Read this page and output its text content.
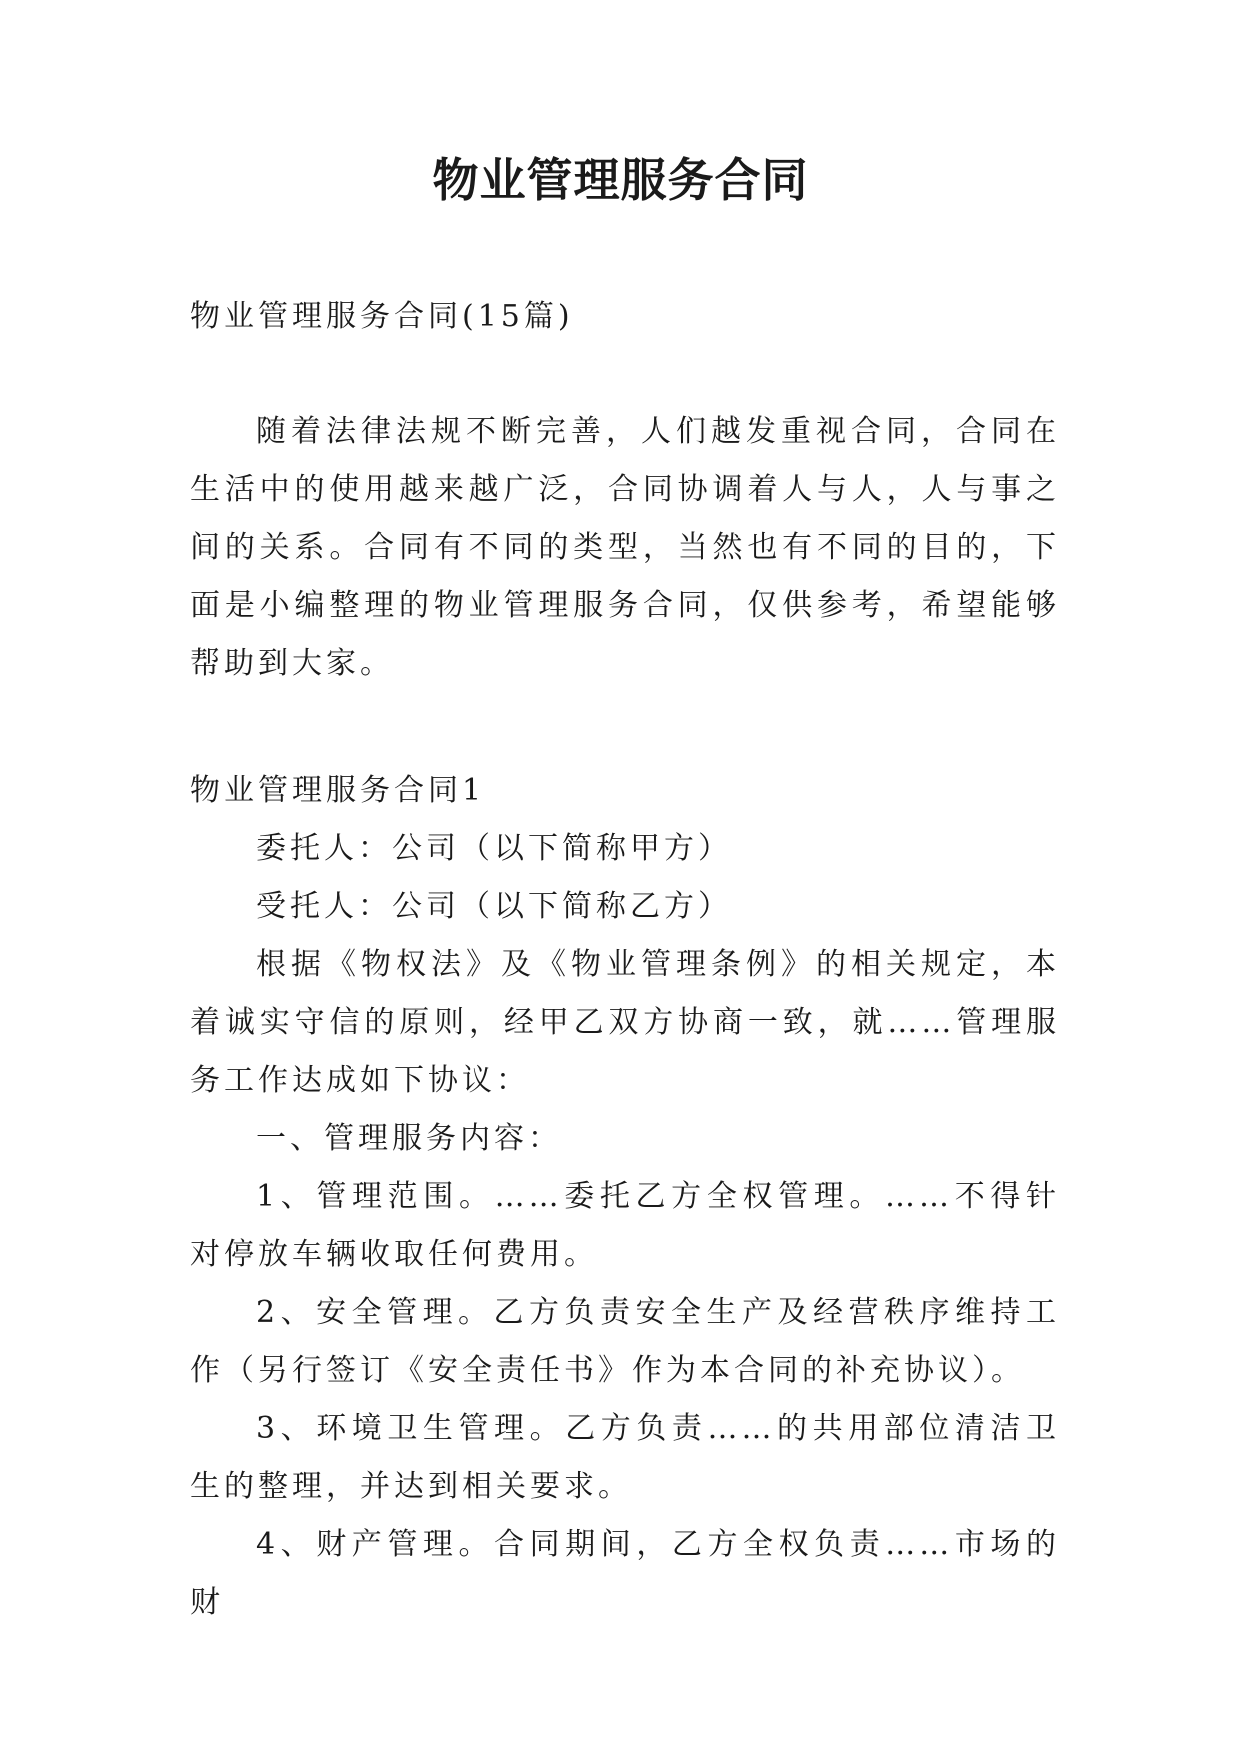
物业管理服务合同
物业管理服务合同(15篇)

随着法律法规不断完善，人们越发重视合同，合同在生活中的使用越来越广泛，合同协调着人与人，人与事之间的关系。合同有不同的类型，当然也有不同的目的，下面是小编整理的物业管理服务合同，仅供参考，希望能够帮助到大家。

物业管理服务合同1

委托人：公司（以下简称甲方）

受托人：公司（以下简称乙方）

根据《物权法》及《物业管理条例》的相关规定，本着诚实守信的原则，经甲乙双方协商一致，就……管理服务工作达成如下协议：

一、管理服务内容：

1、管理范围。……委托乙方全权管理。……不得针对停放车辆收取任何费用。

2、安全管理。乙方负责安全生产及经营秩序维持工作（另行签订《安全责任书》作为本合同的补充协议）。

3、环境卫生管理。乙方负责……的共用部位清洁卫生的整理，并达到相关要求。

4、财产管理。合同期间，乙方全权负责……市场的财
